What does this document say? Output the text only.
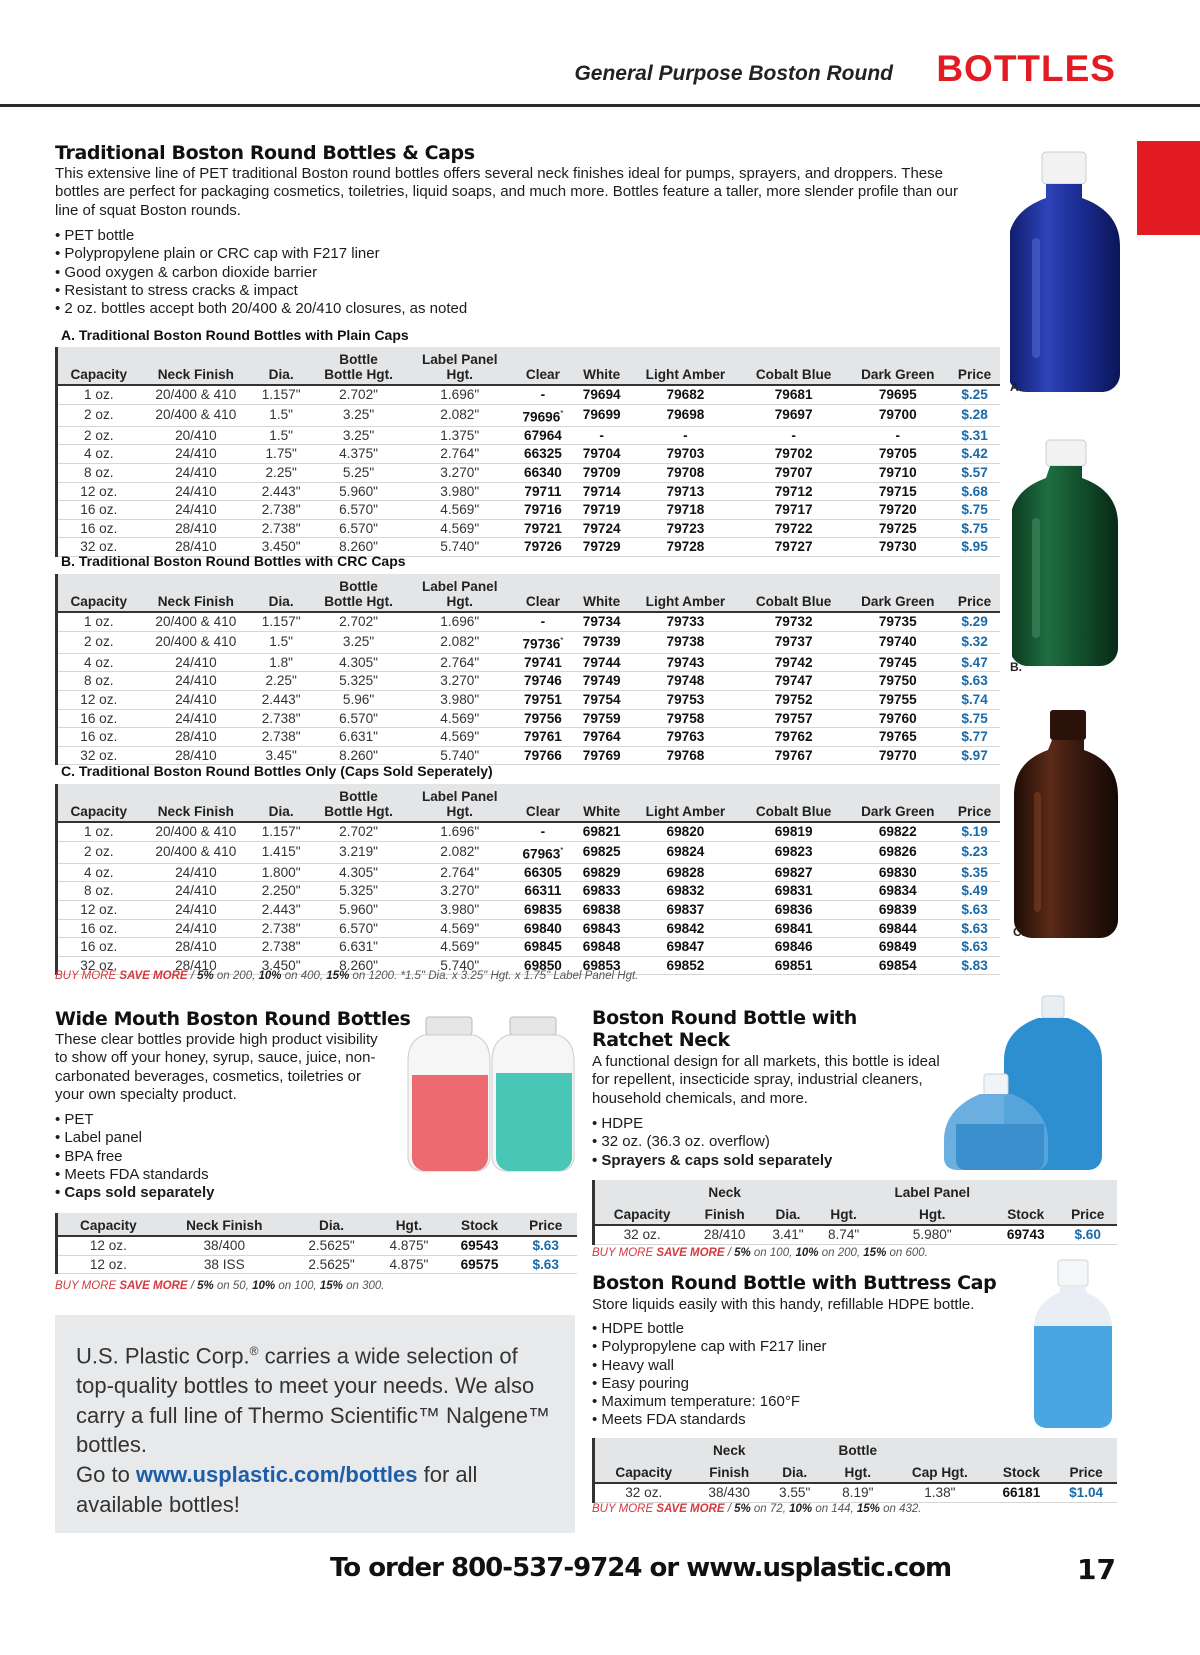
General Purpose Boston Round BOTTLES
Traditional Boston Round Bottles & Caps
This extensive line of PET traditional Boston round bottles offers several neck finishes ideal for pumps, sprayers, and droppers. These bottles are perfect for packaging cosmetics, toiletries, liquid soaps, and much more. Bottles feature a taller, more slender profile than our line of squat Boston rounds.
• PET bottle
• Polypropylene plain or CRC cap with F217 liner
• Good oxygen & carbon dioxide barrier
• Resistant to stress cracks & impact
• 2 oz. bottles accept both 20/400 & 20/410 closures, as noted
A. Traditional Boston Round Bottles with Plain Caps
Capacity	Neck Finish	Dia.	Bottle
Bottle Hgt.	Label Panel
Hgt.	Clear	White	Light Amber	Cobalt Blue	Dark Green	Price
1 oz.	20/400 & 410	1.157"	2.702"	1.696"	-	79694	79682	79681	79695	$.25
2 oz.	20/400 & 410	1.5"	3.25"	2.082"	79696*	79699	79698	79697	79700	$.28
2 oz.	20/410	1.5"	3.25"	1.375"	67964	-	-	-	-	$.31
4 oz.	24/410	1.75"	4.375"	2.764"	66325	79704	79703	79702	79705	$.42
8 oz.	24/410	2.25"	5.25"	3.270"	66340	79709	79708	79707	79710	$.57
12 oz.	24/410	2.443"	5.960"	3.980"	79711	79714	79713	79712	79715	$.68
16 oz.	24/410	2.738"	6.570"	4.569"	79716	79719	79718	79717	79720	$.75
16 oz.	28/410	2.738"	6.570"	4.569"	79721	79724	79723	79722	79725	$.75
32 oz.	28/410	3.450"	8.260"	5.740"	79726	79729	79728	79727	79730	$.95
B. Traditional Boston Round Bottles with CRC Caps
Capacity	Neck Finish	Dia.	Bottle
Bottle Hgt.	Label Panel
Hgt.	Clear	White	Light Amber	Cobalt Blue	Dark Green	Price
1 oz.	20/400 & 410	1.157"	2.702"	1.696"	-	79734	79733	79732	79735	$.29
2 oz.	20/400 & 410	1.5"	3.25"	2.082"	79736*	79739	79738	79737	79740	$.32
4 oz.	24/410	1.8"	4.305"	2.764"	79741	79744	79743	79742	79745	$.47
8 oz.	24/410	2.25"	5.325"	3.270"	79746	79749	79748	79747	79750	$.63
12 oz.	24/410	2.443"	5.96"	3.980"	79751	79754	79753	79752	79755	$.74
16 oz.	24/410	2.738"	6.570"	4.569"	79756	79759	79758	79757	79760	$.75
16 oz.	28/410	2.738"	6.631"	4.569"	79761	79764	79763	79762	79765	$.77
32 oz.	28/410	3.45"	8.260"	5.740"	79766	79769	79768	79767	79770	$.97
C. Traditional Boston Round Bottles Only (Caps Sold Seperately)
Capacity	Neck Finish	Dia.	Bottle
Bottle Hgt.	Label Panel
Hgt.	Clear	White	Light Amber	Cobalt Blue	Dark Green	Price
1 oz.	20/400 & 410	1.157"	2.702"	1.696"	-	69821	69820	69819	69822	$.19
2 oz.	20/400 & 410	1.415"	3.219"	2.082"	67963*	69825	69824	69823	69826	$.23
4 oz.	24/410	1.800"	4.305"	2.764"	66305	69829	69828	69827	69830	$.35
8 oz.	24/410	2.250"	5.325"	3.270"	66311	69833	69832	69831	69834	$.49
12 oz.	24/410	2.443"	5.960"	3.980"	69835	69838	69837	69836	69839	$.63
16 oz.	24/410	2.738"	6.570"	4.569"	69840	69843	69842	69841	69844	$.63
16 oz.	28/410	2.738"	6.631"	4.569"	69845	69848	69847	69846	69849	$.63
32 oz.	28/410	3.450"	8.260"	5.740"	69850	69853	69852	69851	69854	$.83
BUY MORE SAVE MORE / 5% on 200, 10% on 400, 15% on 1200. *1.5" Dia. x 3.25" Hgt. x 1.75" Label Panel Hgt.
A.
B.
C.
Wide Mouth Boston Round Bottles
These clear bottles provide high product visibility to show off your honey, syrup, sauce, juice, non-carbonated beverages, cosmetics, toiletries or your own specialty product.
• PET
• Label panel
• BPA free
• Meets FDA standards
• Caps sold separately
Capacity	Neck Finish	Dia.	Hgt.	Stock	Price
12 oz.	38/400	2.5625"	4.875"	69543	$.63
12 oz.	38 ISS	2.5625"	4.875"	69575	$.63
BUY MORE SAVE MORE / 5% on 50, 10% on 100, 15% on 300.
Boston Round Bottle with Ratchet Neck
A functional design for all markets, this bottle is ideal for repellent, insecticide spray, industrial cleaners, household chemicals, and more.
• HDPE
• 32 oz. (36.3 oz. overflow)
• Sprayers & caps sold separately
	Neck			Label Panel		
Capacity	Finish	Dia.	Hgt.	Hgt.	Stock	Price
32 oz.	28/410	3.41"	8.74"	5.980"	69743	$.60
BUY MORE SAVE MORE / 5% on 100, 10% on 200, 15% on 600.
Boston Round Bottle with Buttress Cap
Store liquids easily with this handy, refillable HDPE bottle.
• HDPE bottle
• Polypropylene cap with F217 liner
• Heavy wall
• Easy pouring
• Maximum temperature: 160°F
• Meets FDA standards
	Neck		Bottle			
Capacity	Finish	Dia.	Hgt.	Cap Hgt.	Stock	Price
32 oz.	38/430	3.55"	8.19"	1.38"	66181	$1.04
BUY MORE SAVE MORE / 5% on 72, 10% on 144, 15% on 432.
U.S. Plastic Corp.® carries a wide selection of top-quality bottles to meet your needs. We also carry a full line of Thermo Scientific™ Nalgene™ bottles.
Go to www.usplastic.com/bottles for all available bottles!
To order 800-537-9724 or www.usplastic.com	17
